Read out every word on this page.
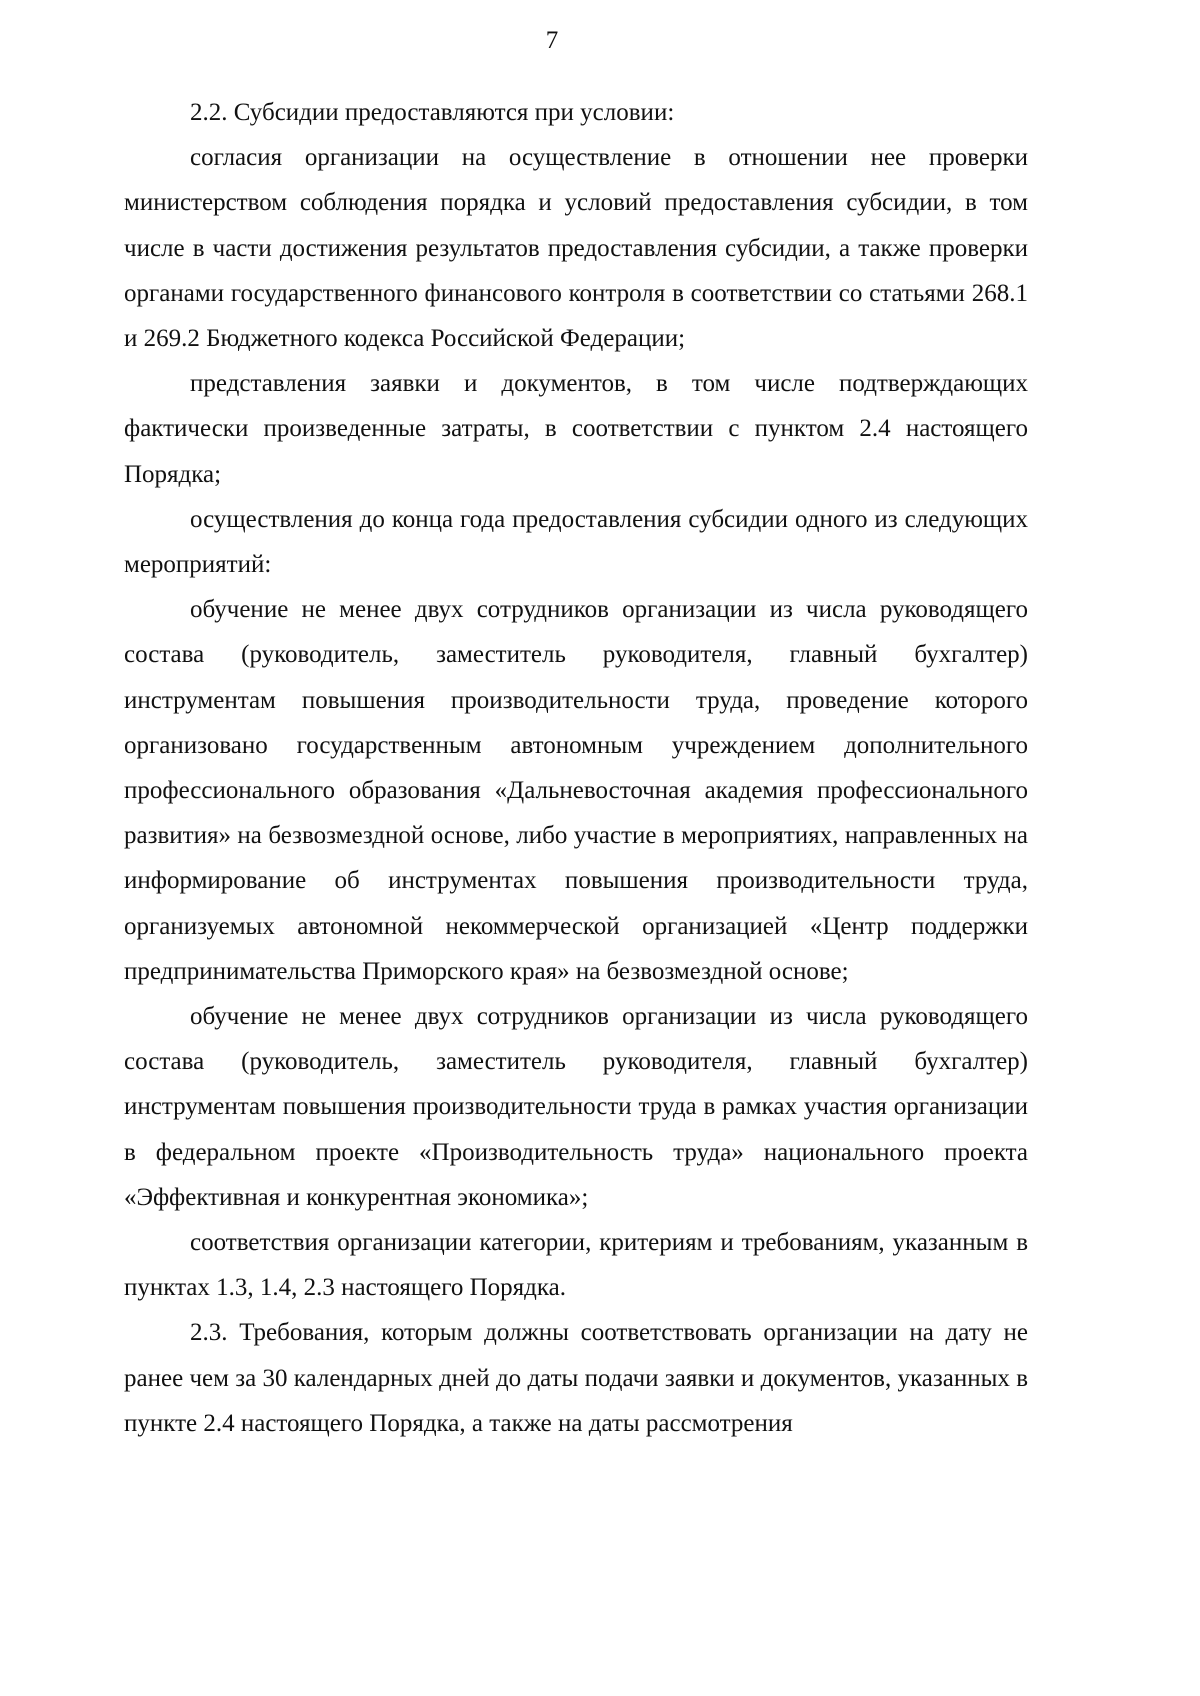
7

2.2. Субсидии предоставляются при условии:

согласия организации на осуществление в отношении нее проверки министерством соблюдения порядка и условий предоставления субсидии, в том числе в части достижения результатов предоставления субсидии, а также проверки органами государственного финансового контроля в соответствии со статьями 268.1 и 269.2 Бюджетного кодекса Российской Федерации;

представления заявки и документов, в том числе подтверждающих фактически произведенные затраты, в соответствии с пунктом 2.4 настоящего Порядка;

осуществления до конца года предоставления субсидии одного из следующих мероприятий:

обучение не менее двух сотрудников организации из числа руководящего состава (руководитель, заместитель руководителя, главный бухгалтер) инструментам повышения производительности труда, проведение которого организовано государственным автономным учреждением дополнительного профессионального образования «Дальневосточная академия профессионального развития» на безвозмездной основе, либо участие в мероприятиях, направленных на информирование об инструментах повышения производительности труда, организуемых автономной некоммерческой организацией «Центр поддержки предпринимательства Приморского края» на безвозмездной основе;

обучение не менее двух сотрудников организации из числа руководящего состава (руководитель, заместитель руководителя, главный бухгалтер) инструментам повышения производительности труда в рамках участия организации в федеральном проекте «Производительность труда» национального проекта «Эффективная и конкурентная экономика»;

соответствия организации категории, критериям и требованиям, указанным в пунктах 1.3, 1.4, 2.3 настоящего Порядка.

2.3. Требования, которым должны соответствовать организации на дату не ранее чем за 30 календарных дней до даты подачи заявки и документов, указанных в пункте 2.4 настоящего Порядка, а также на даты рассмотрения
